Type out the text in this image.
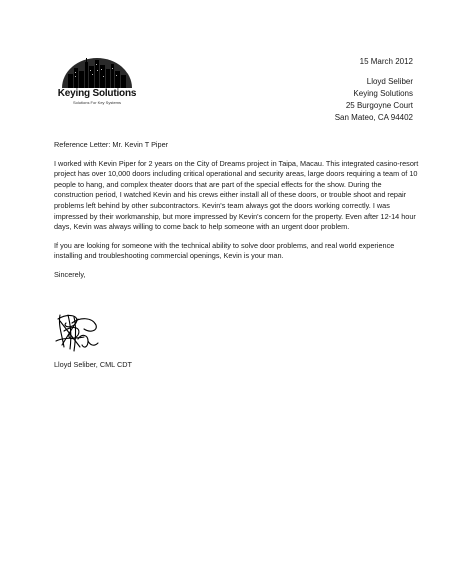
Keying Solutions
Solutions For Key Systems
15 March 2012
Lloyd Seliber
Keying Solutions
25 Burgoyne Court
San Mateo, CA 94402

Reference Letter: Mr. Kevin T Piper

I worked with Kevin Piper for 2 years on the City of Dreams project in Taipa, Macau. This integrated casino-resort project has over 10,000 doors including critical operational and security areas, large doors requiring a team of 10 people to hang, and complex theater doors that are part of the special effects for the show. During the construction period, I watched Kevin and his crews either install all of these doors, or trouble shoot and repair problems left behind by other subcontractors. Kevin's team always got the doors working correctly. I was impressed by their workmanship, but more impressed by Kevin's concern for the property. Even after 12-14 hour days, Kevin was always willing to come back to help someone with an urgent door problem.

If you are looking for someone with the technical ability to solve door problems, and real world experience installing and troubleshooting commercial openings, Kevin is your man.

Sincerely,

Lloyd Seliber, CML CDT
